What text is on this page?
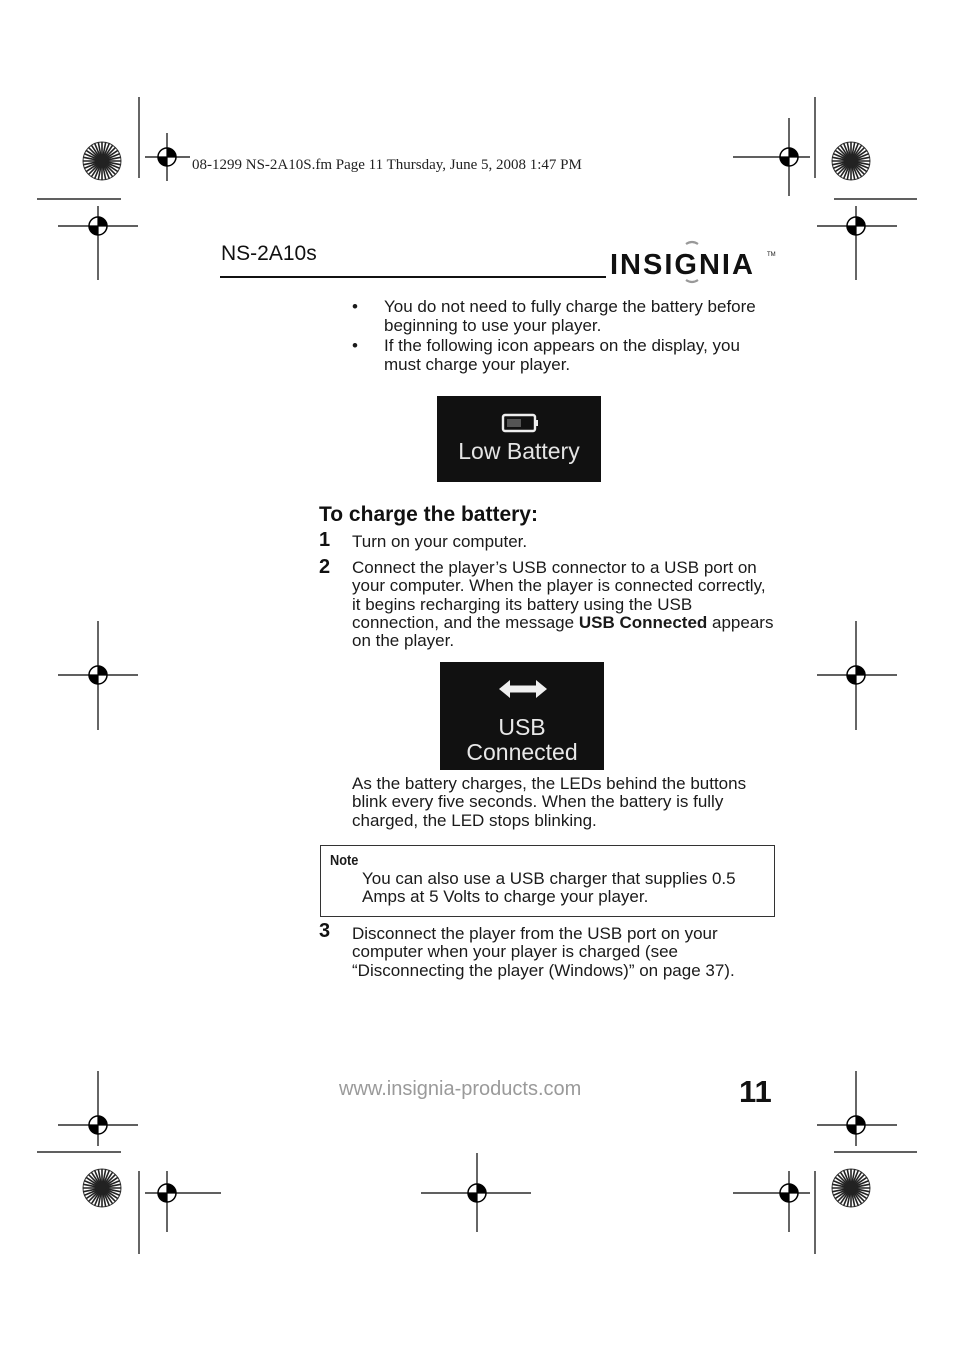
08-1299 NS-2A10S.fm Page 11 Thursday, June 5, 2008 1:47 PM
NS-2A10s	INSIGNIA TM
• You do not need to fully charge the battery before beginning to use your player.
• If the following icon appears on the display, you must charge your player.
Low Battery
To charge the battery:
1 Turn on your computer.
2 Connect the player’s USB connector to a USB port on your computer. When the player is connected correctly, it begins recharging its battery using the USB connection, and the message USB Connected appears on the player.
USB
Connected
As the battery charges, the LEDs behind the buttons blink every five seconds. When the battery is fully charged, the LED stops blinking.
Note
You can also use a USB charger that supplies 0.5 Amps at 5 Volts to charge your player.
3 Disconnect the player from the USB port on your computer when your player is charged (see “Disconnecting the player (Windows)” on page 37).
www.insignia-products.com	11
